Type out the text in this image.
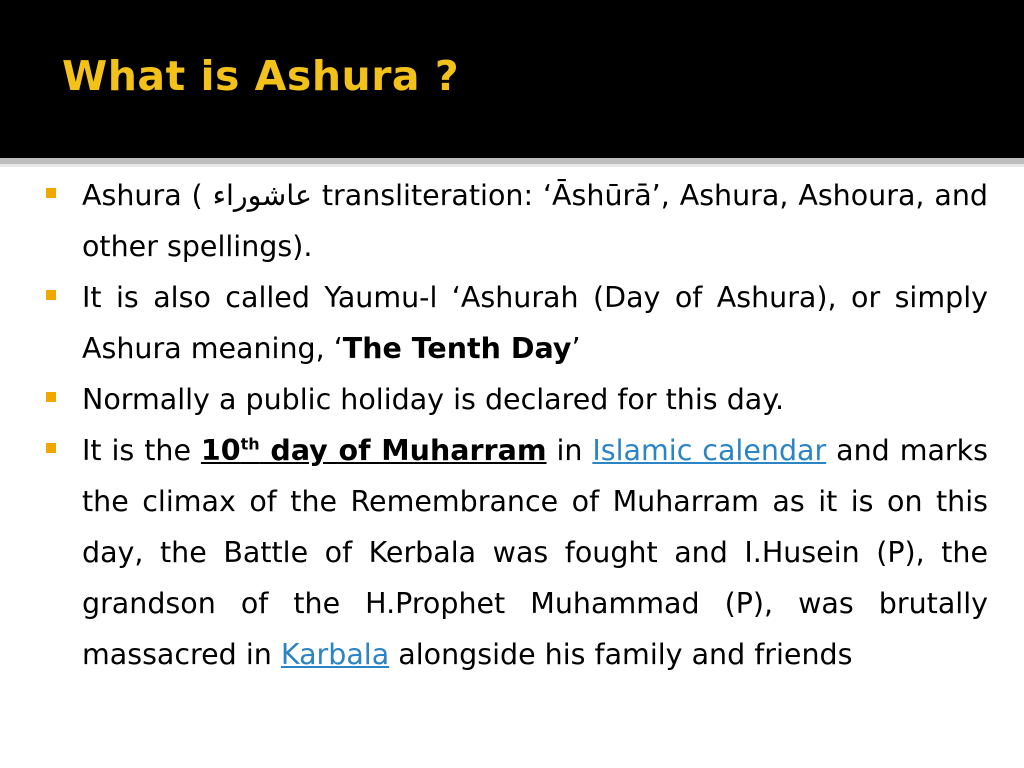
What is Ashura ?
Ashura ( عاشوراء transliteration: ‘Āshūrā’, Ashura, Ashoura, and other spellings).
It is also called Yaumu-l ‘Ashurah (Day of Ashura), or simply Ashura meaning, ‘The Tenth Day’
Normally a public holiday is declared for this day.
It is the 10th day of Muharram in Islamic calendar and marks the climax of the Remembrance of Muharram as it is on this day, the Battle of Kerbala was fought and I.Husein (P), the grandson of the H.Prophet Muhammad (P), was brutally massacred in Karbala alongside his family and friends
